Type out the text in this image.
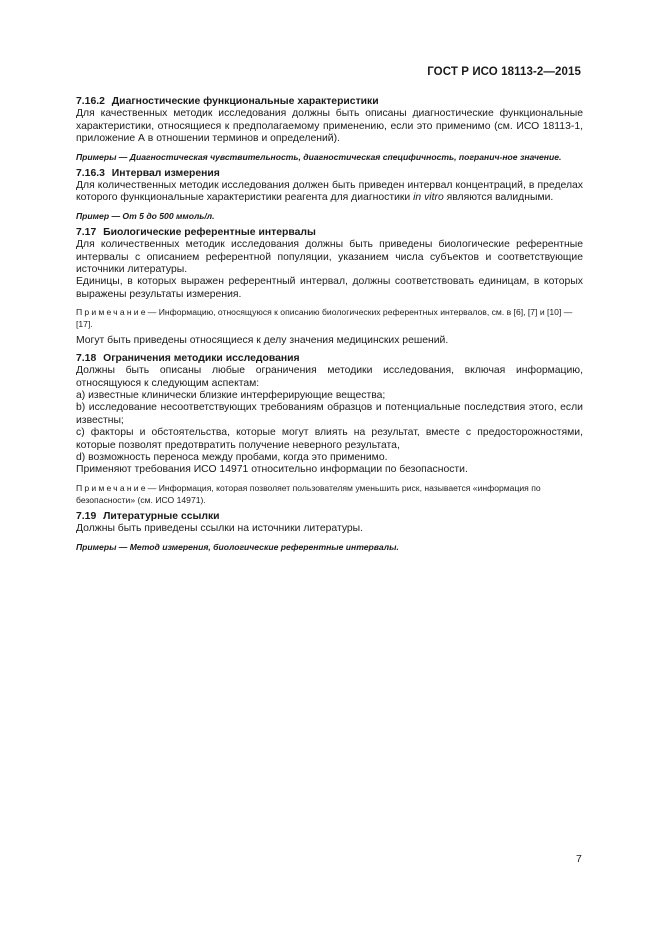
ГОСТ Р ИСО 18113-2—2015

7.16.2 Диагностические функциональные характеристики

Для качественных методик исследования должны быть описаны диагностические функциональные характеристики, относящиеся к предполагаемому применению, если это применимо (см. ИСО 18113-1, приложение А в отношении терминов и определений).

Примеры — Диагностическая чувствительность, диагностическая специфичность, погранич-ное значение.

7.16.3 Интервал измерения

Для количественных методик исследования должен быть приведен интервал концентраций, в пределах которого функциональные характеристики реагента для диагностики in vitro являются валидными.

Пример — От 5 до 500 ммоль/л.

7.17 Биологические референтные интервалы

Для количественных методик исследования должны быть приведены биологические референтные интервалы с описанием референтной популяции, указанием числа субъектов и соответствующие источники литературы.

Единицы, в которых выражен референтный интервал, должны соответствовать единицам, в которых выражены результаты измерения.

Примечание— Информацию, относящуюся к описанию биологических референтных интервалов, см. в [6], [7] и [10] — [17].

Могут быть приведены относящиеся к делу значения медицинских решений.

7.18 Ограничения методики исследования

Должны быть описаны любые ограничения методики исследования, включая информацию, относящуюся к следующим аспектам:

а) известные клинически близкие интерферирующие вещества;

b) исследование несоответствующих требованиям образцов и потенциальные последствия этого, если известны;

c) факторы и обстоятельства, которые могут влиять на результат, вместе с предосторожностями, которые позволят предотвратить получение неверного результата,

d) возможность переноса между пробами, когда это применимо.

Применяют требования ИСО 14971 относительно информации по безопасности.

Примечание— Информация, которая позволяет пользователям уменьшить риск, называется «информация по безопасности» (см. ИСО 14971).

7.19 Литературные ссылки

Должны быть приведены ссылки на источники литературы.

Примеры — Метод измерения, биологические референтные интервалы.

7
